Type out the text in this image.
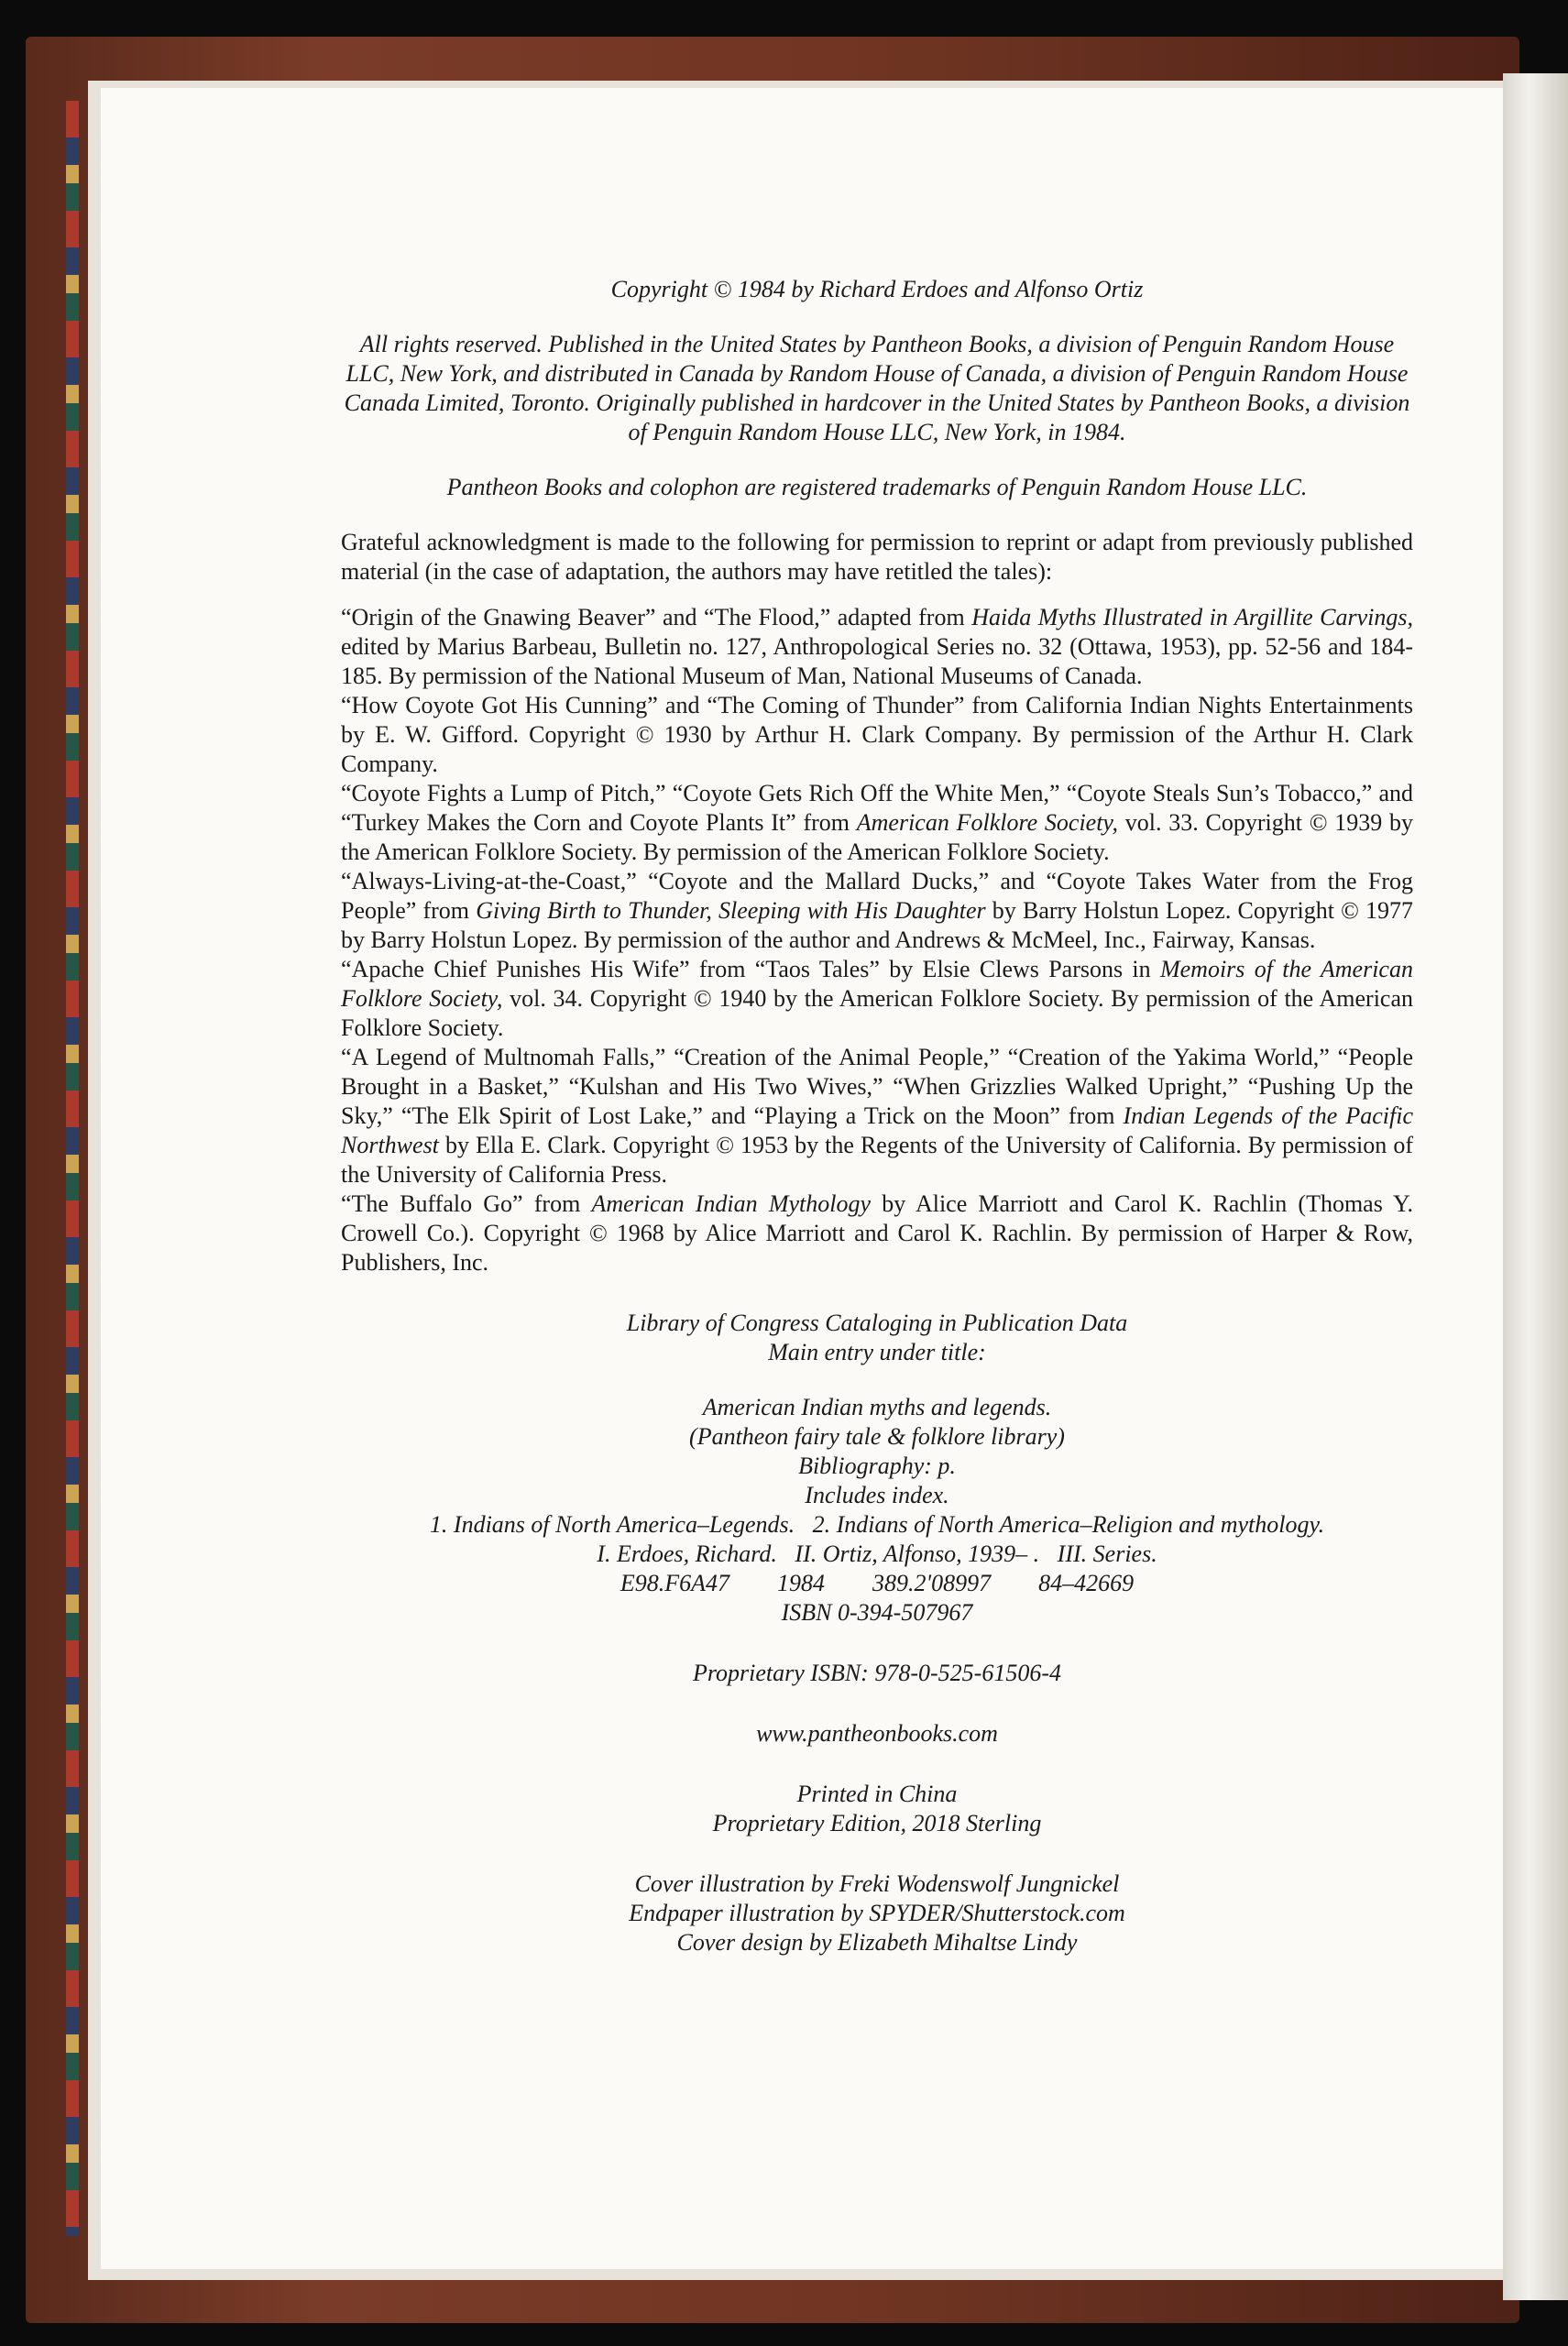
Copyright © 1984 by Richard Erdoes and Alfonso Ortiz

All rights reserved. Published in the United States by Pantheon Books, a division of Penguin Random House LLC, New York, and distributed in Canada by Random House of Canada, a division of Penguin Random House Canada Limited, Toronto. Originally published in hardcover in the United States by Pantheon Books, a division of Penguin Random House LLC, New York, in 1984.

Pantheon Books and colophon are registered trademarks of Penguin Random House LLC.

Grateful acknowledgment is made to the following for permission to reprint or adapt from previously published material (in the case of adaptation, the authors may have retitled the tales):

“Origin of the Gnawing Beaver” and “The Flood,” adapted from Haida Myths Illustrated in Argillite Carvings, edited by Marius Barbeau, Bulletin no. 127, Anthropological Series no. 32 (Ottawa, 1953), pp. 52-56 and 184-185. By permission of the National Museum of Man, National Museums of Canada.

“How Coyote Got His Cunning” and “The Coming of Thunder” from California Indian Nights Entertainments by E. W. Gifford. Copyright © 1930 by Arthur H. Clark Company. By permission of the Arthur H. Clark Company.

“Coyote Fights a Lump of Pitch,” “Coyote Gets Rich Off the White Men,” “Coyote Steals Sun’s Tobacco,” and “Turkey Makes the Corn and Coyote Plants It” from American Folklore Society, vol. 33. Copyright © 1939 by the American Folklore Society. By permission of the American Folklore Society.

“Always-Living-at-the-Coast,” “Coyote and the Mallard Ducks,” and “Coyote Takes Water from the Frog People” from Giving Birth to Thunder, Sleeping with His Daughter by Barry Holstun Lopez. Copyright © 1977 by Barry Holstun Lopez. By permission of the author and Andrews & McMeel, Inc., Fairway, Kansas.

“Apache Chief Punishes His Wife” from “Taos Tales” by Elsie Clews Parsons in Memoirs of the American Folklore Society, vol. 34. Copyright © 1940 by the American Folklore Society. By permission of the American Folklore Society.

“A Legend of Multnomah Falls,” “Creation of the Animal People,” “Creation of the Yakima World,” “People Brought in a Basket,” “Kulshan and His Two Wives,” “When Grizzlies Walked Upright,” “Pushing Up the Sky,” “The Elk Spirit of Lost Lake,” and “Playing a Trick on the Moon” from Indian Legends of the Pacific Northwest by Ella E. Clark. Copyright © 1953 by the Regents of the University of California. By permission of the University of California Press.

“The Buffalo Go” from American Indian Mythology by Alice Marriott and Carol K. Rachlin (Thomas Y. Crowell Co.). Copyright © 1968 by Alice Marriott and Carol K. Rachlin. By permission of Harper & Row, Publishers, Inc.

Library of Congress Cataloging in Publication Data

Main entry under title:

American Indian myths and legends.

(Pantheon fairy tale & folklore library)

Bibliography: p.

Includes index.

1. Indians of North America–Legends.   2. Indians of North America–Religion and mythology.

I. Erdoes, Richard.   II. Ortiz, Alfonso, 1939– .   III. Series.

E98.F6A47        1984        389.2'08997        84–42669

ISBN 0-394-507967

Proprietary ISBN: 978-0-525-61506-4

www.pantheonbooks.com

Printed in China

Proprietary Edition, 2018 Sterling

Cover illustration by Freki Wodenswolf Jungnickel

Endpaper illustration by SPYDER/Shutterstock.com

Cover design by Elizabeth Mihaltse Lindy
